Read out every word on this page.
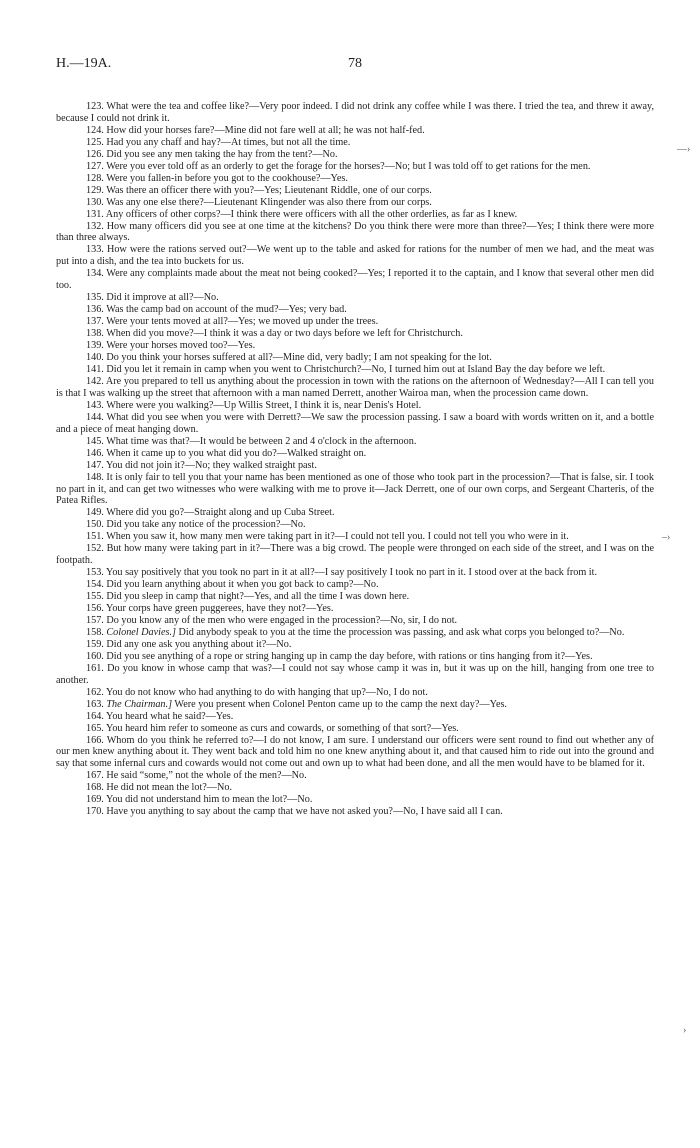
H.—19A.	78

123. What were the tea and coffee like?—Very poor indeed. I did not drink any coffee while I was there. I tried the tea, and threw it away, because I could not drink it.

124. How did your horses fare?—Mine did not fare well at all; he was not half-fed.

125. Had you any chaff and hay?—At times, but not all the time.

126. Did you see any men taking the hay from the tent?—No.

127. Were you ever told off as an orderly to get the forage for the horses?—No; but I was told off to get rations for the men.

128. Were you fallen-in before you got to the cookhouse?—Yes.

129. Was there an officer there with you?—Yes; Lieutenant Riddle, one of our corps.

130. Was any one else there?—Lieutenant Klingender was also there from our corps.

131. Any officers of other corps?—I think there were officers with all the other orderlies, as far as I knew.

132. How many officers did you see at one time at the kitchens? Do you think there were more than three?—Yes; I think there were more than three always.

133. How were the rations served out?—We went up to the table and asked for rations for the number of men we had, and the meat was put into a dish, and the tea into buckets for us.

134. Were any complaints made about the meat not being cooked?—Yes; I reported it to the captain, and I know that several other men did too.

135. Did it improve at all?—No.

136. Was the camp bad on account of the mud?—Yes; very bad.

137. Were your tents moved at all?—Yes; we moved up under the trees.

138. When did you move?—I think it was a day or two days before we left for Christchurch.

139. Were your horses moved too?—Yes.

140. Do you think your horses suffered at all?—Mine did, very badly; I am not speaking for the lot.

141. Did you let it remain in camp when you went to Christchurch?—No, I turned him out at Island Bay the day before we left.

142. Are you prepared to tell us anything about the procession in town with the rations on the afternoon of Wednesday?—All I can tell you is that I was walking up the street that afternoon with a man named Derrett, another Wairoa man, when the procession came down.

143. Where were you walking?—Up Willis Street, I think it is, near Denis's Hotel.

144. What did you see when you were with Derrett?—We saw the procession passing. I saw a board with words written on it, and a bottle and a piece of meat hanging down.

145. What time was that?—It would be between 2 and 4 o'clock in the afternoon.

146. When it came up to you what did you do?—Walked straight on.

147. You did not join it?—No; they walked straight past.

148. It is only fair to tell you that your name has been mentioned as one of those who took part in the procession?—That is false, sir. I took no part in it, and can get two witnesses who were walking with me to prove it—Jack Derrett, one of our own corps, and Sergeant Charteris, of the Patea Rifles.

149. Where did you go?—Straight along and up Cuba Street.

150. Did you take any notice of the procession?—No.

151. When you saw it, how many men were taking part in it?—I could not tell you. I could not tell you who were in it.

152. But how many were taking part in it?—There was a big crowd. The people were thronged on each side of the street, and I was on the footpath.

153. You say positively that you took no part in it at all?—I say positively I took no part in it. I stood over at the back from it.

154. Did you learn anything about it when you got back to camp?—No.

155. Did you sleep in camp that night?—Yes, and all the time I was down here.

156. Your corps have green puggerees, have they not?—Yes.

157. Do you know any of the men who were engaged in the procession?—No, sir, I do not.

158. Colonel Davies.] Did anybody speak to you at the time the procession was passing, and ask what corps you belonged to?—No.

159. Did any one ask you anything about it?—No.

160. Did you see anything of a rope or string hanging up in camp the day before, with rations or tins hanging from it?—Yes.

161. Do you know in whose camp that was?—I could not say whose camp it was in, but it was up on the hill, hanging from one tree to another.

162. You do not know who had anything to do with hanging that up?—No, I do not.

163. The Chairman.] Were you present when Colonel Penton came up to the camp the next day?—Yes.

164. You heard what he said?—Yes.

165. You heard him refer to someone as curs and cowards, or something of that sort?—Yes.

166. Whom do you think he referred to?—I do not know, I am sure. I understand our officers were sent round to find out whether any of our men knew anything about it. They went back and told him no one knew anything about it, and that caused him to ride out into the ground and say that some infernal curs and cowards would not come out and own up to what had been done, and all the men would have to be blamed for it.

167. He said “some,” not the whole of the men?—No.

168. He did not mean the lot?—No.

169. You did not understand him to mean the lot?—No.

170. Have you anything to say about the camp that we have not asked you?—No, I have said all I can.

—›
–›
›
